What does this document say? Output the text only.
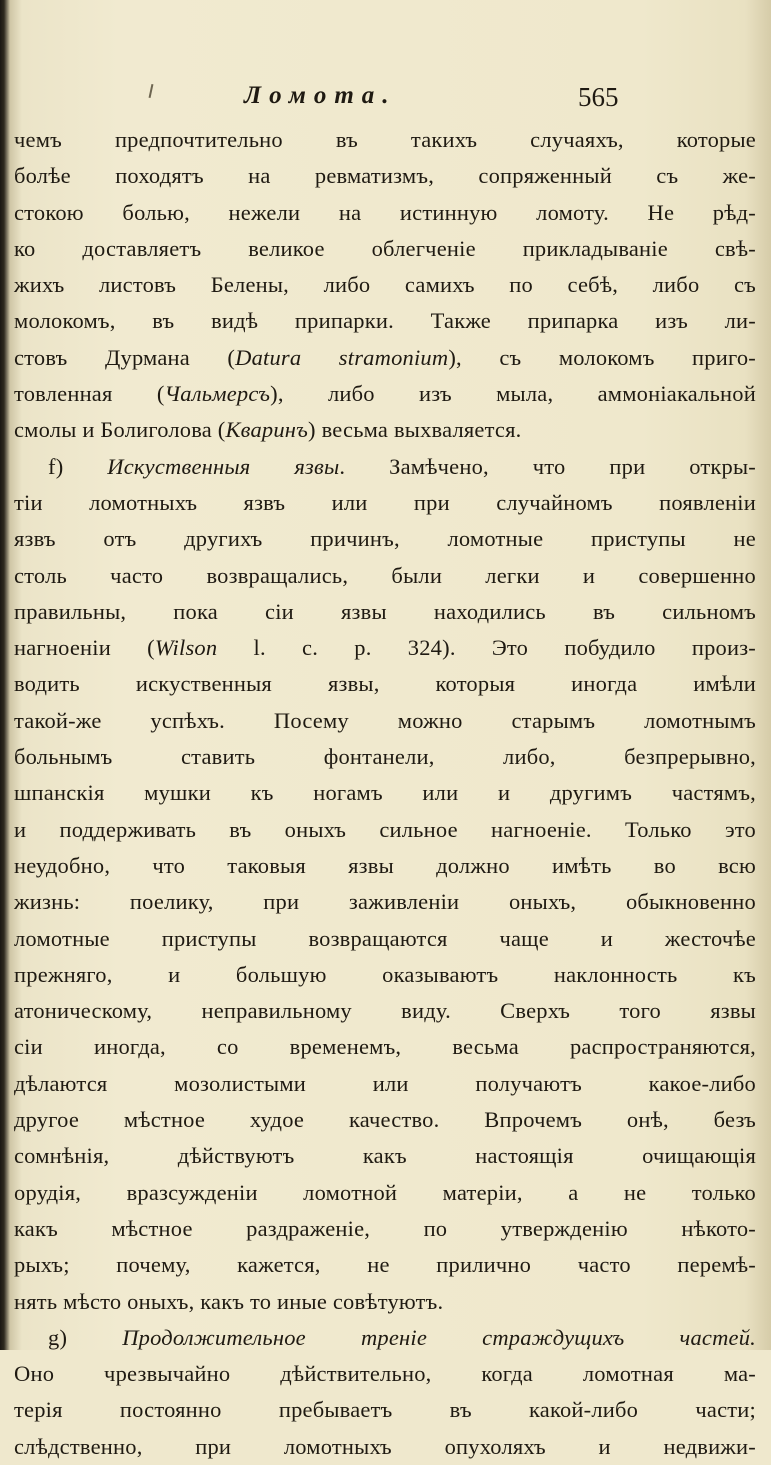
Ломота.	565
чемъ предпочтительно въ такихъ случаяхъ, которые
болѣе походятъ на ревматизмъ, сопряженный съ же-
стокою болью, нежели на истинную ломоту. Не рѣд-
ко доставляетъ великое облегченіе прикладываніе свѣ-
жихъ листовъ Белены, либо самихъ по себѣ, либо съ
молокомъ, въ видѣ припарки. Также припарка изъ ли-
стовъ Дурмана (Datura stramonium), съ молокомъ приго-
товленная (Чальмерсъ), либо изъ мыла, аммоніакальной
смолы и Болиголова (Кваринъ) весьма выхваляется.
f) Искуственныя язвы. Замѣчено, что при откры-
тіи ломотныхъ язвъ или при случайномъ появленіи
язвъ отъ другихъ причинъ, ломотные приступы не
столь часто возвращались, были легки и совершенно
правильны, пока сіи язвы находились въ сильномъ
нагноеніи (Wilson l. c. p. 324). Это побудило произ-
водить искуственныя язвы, которыя иногда имѣли
такой-же успѣхъ. Посему можно старымъ ломотнымъ
больнымъ ставить фонтанели, либо, безпрерывно,
шпанскія мушки къ ногамъ или и другимъ частямъ,
и поддерживать въ оныхъ сильное нагноеніе. Только это
неудобно, что таковыя язвы должно имѣть во всю
жизнь: поелику, при заживленіи оныхъ, обыкновенно
ломотные приступы возвращаются чаще и жесточѣе
прежняго, и большую оказываютъ наклонность къ
атоническому, неправильному виду. Сверхъ того язвы
сіи иногда, со временемъ, весьма распространяются,
дѣлаются мозолистыми или получаютъ какое-либо
другое мѣстное худое качество. Впрочемъ онѣ, безъ
сомнѣнія, дѣйствуютъ какъ настоящія очищающія
орудія, вразсужденіи ломотной матеріи, а не только
какъ мѣстное раздраженіе, по утвержденію нѣкото-
рыхъ; почему, кажется, не прилично часто перемѣ-
нять мѣсто оныхъ, какъ то иные совѣтуютъ.
g) Продолжительное треніе страждущихъ частей.
Оно чрезвычайно дѣйствительно, когда ломотная ма-
терія постоянно пребываетъ въ какой-либо части;
слѣдственно, при ломотныхъ опухоляхъ и недвижи-
